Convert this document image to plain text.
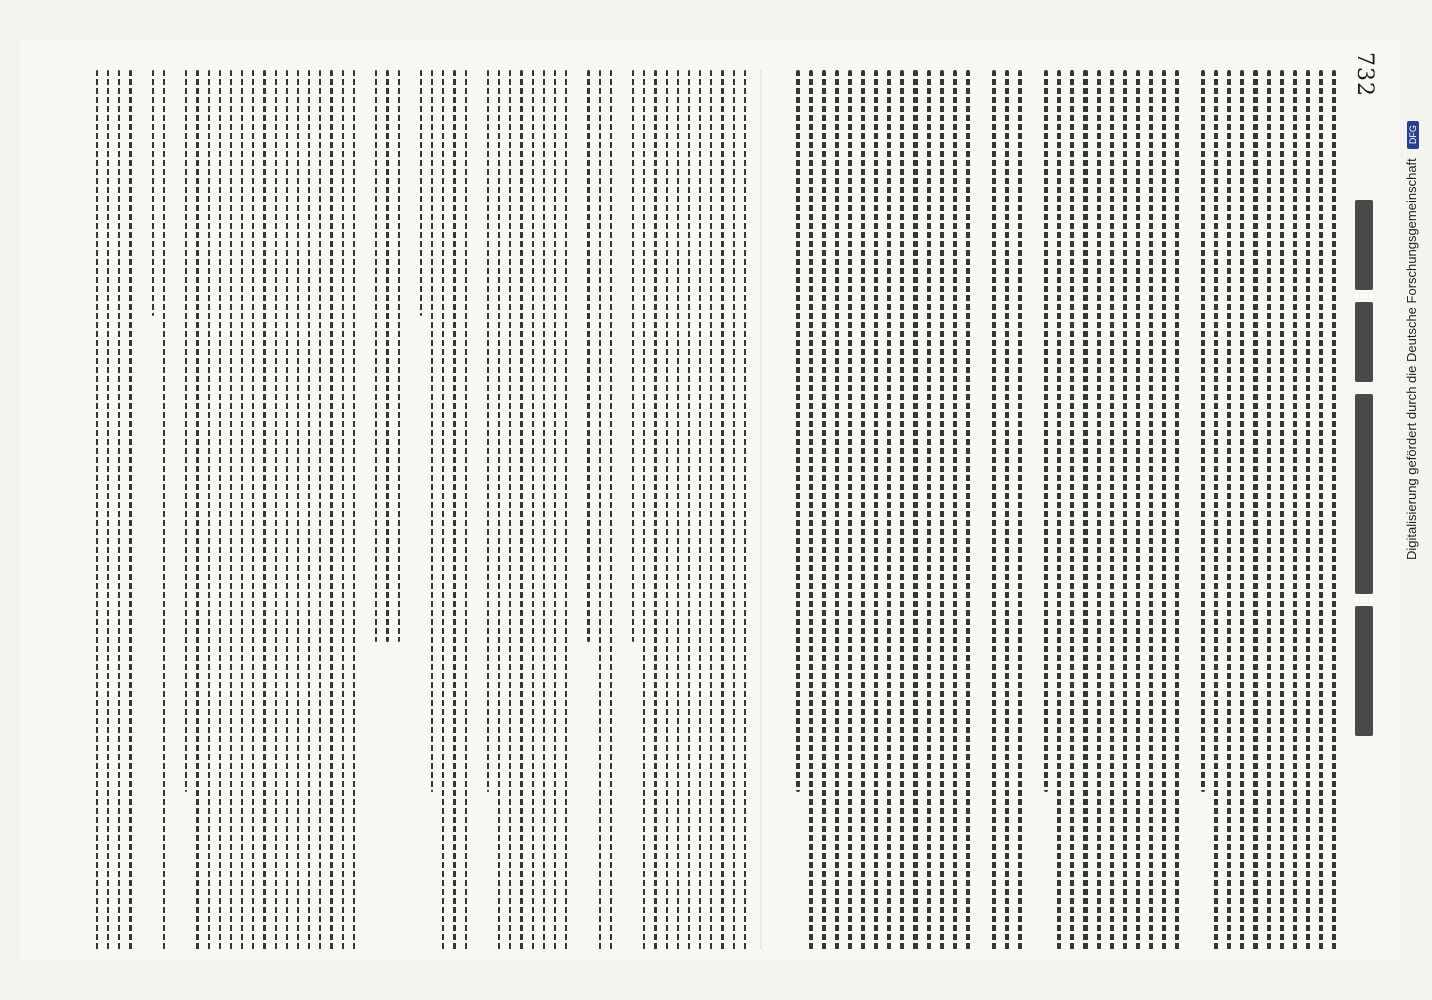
732
Digitalisierung gefördert durch die Deutsche Forschungsgemeinschaft DFG
